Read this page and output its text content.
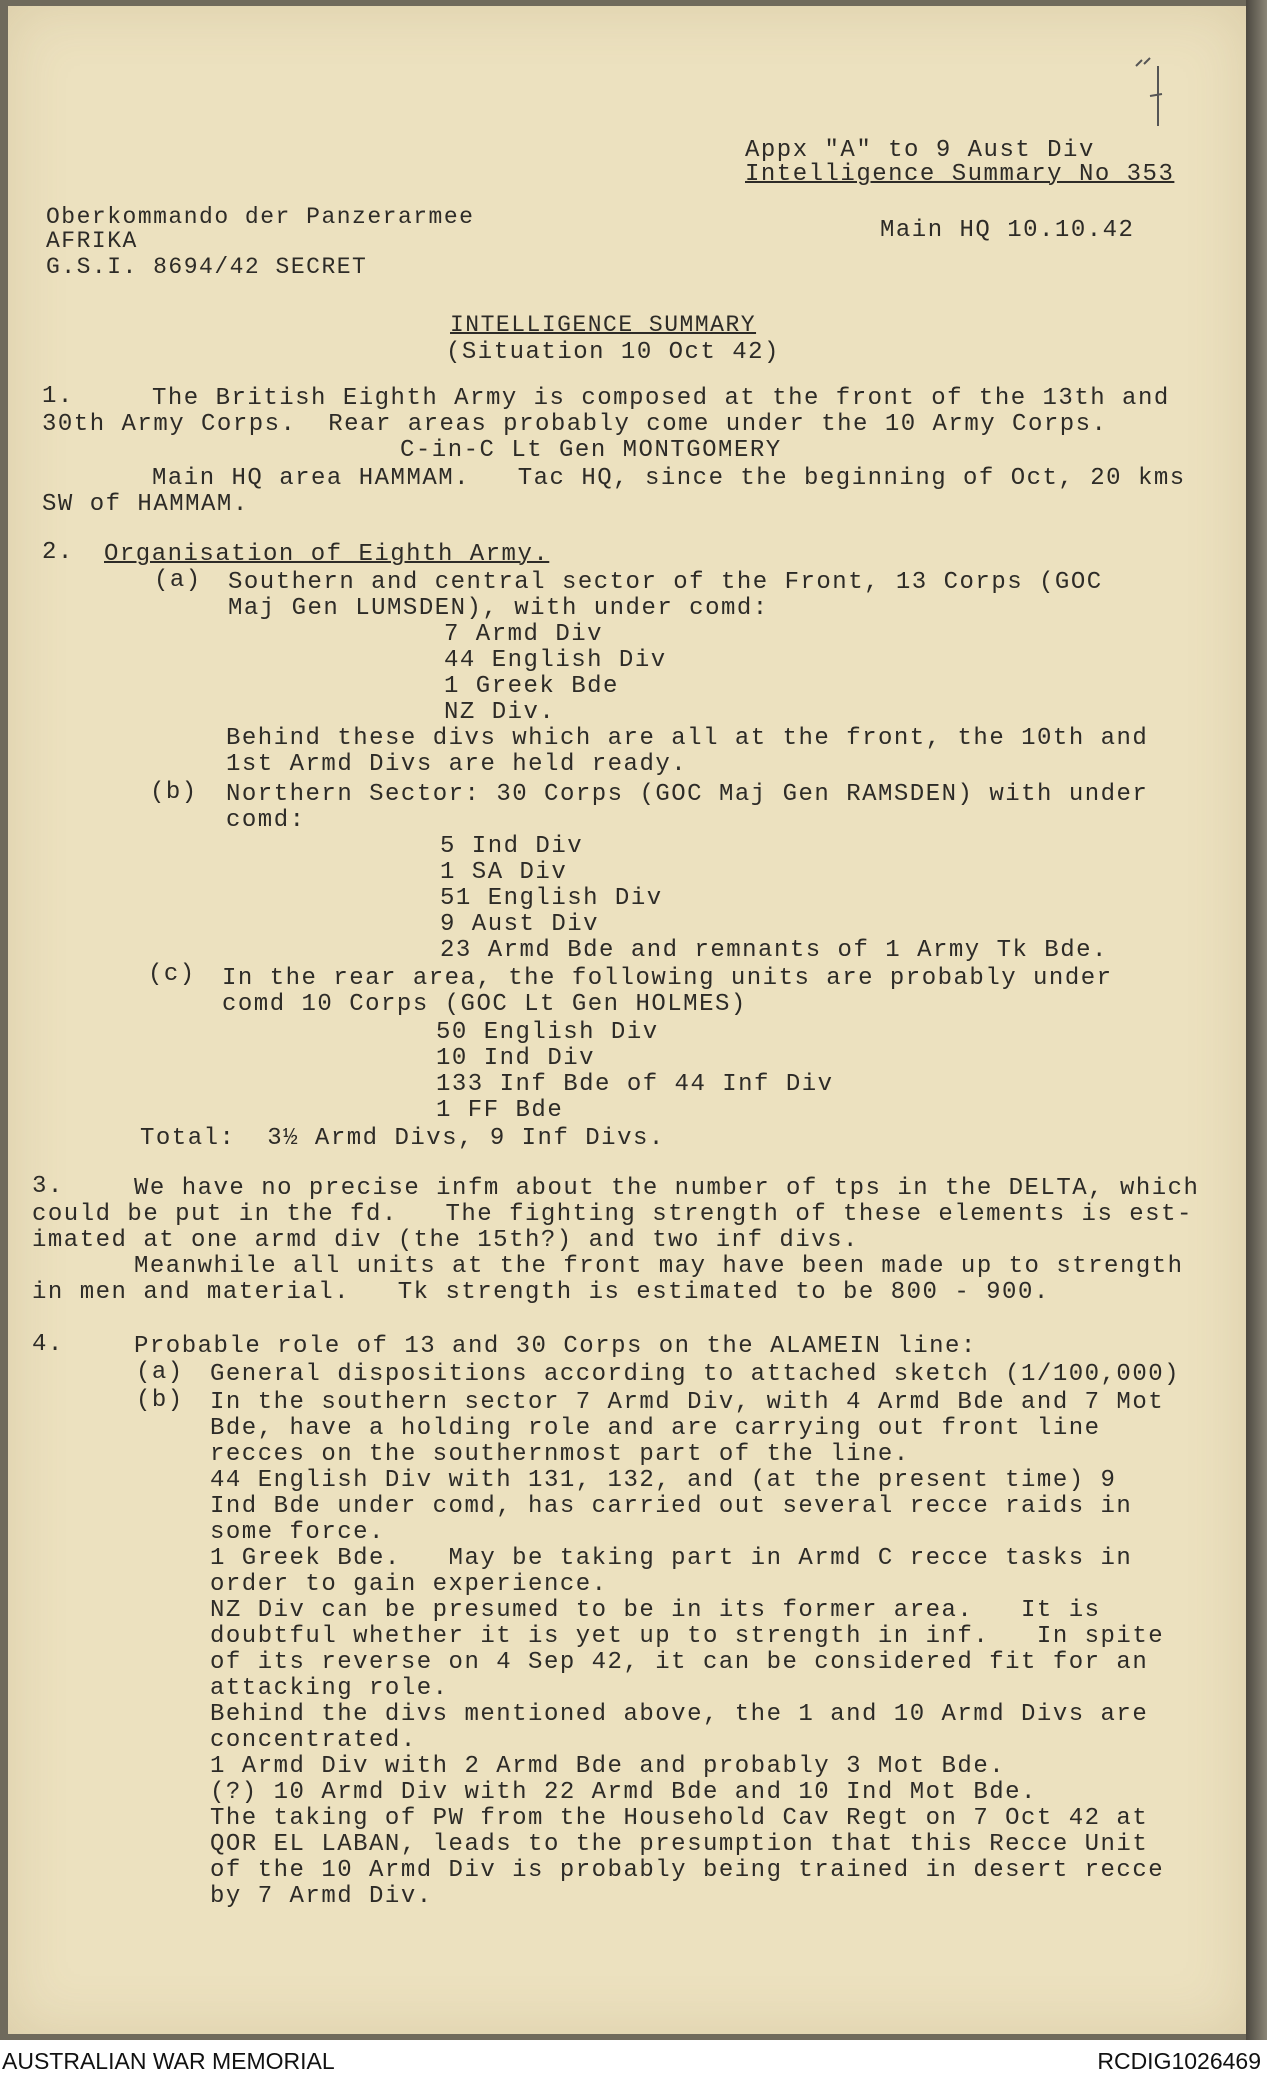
Appx "A" to 9 Aust Div
Intelligence Summary No 353
Oberkommando der Panzerarmee
AFRIKA
G.S.I. 8694/42 SECRET
Main HQ 10.10.42
INTELLIGENCE SUMMARY
(Situation 10 Oct 42)
1.	The British Eighth Army is composed at the front of the 13th and
30th Army Corps.  Rear areas probably come under the 10 Army Corps.
C-in-C Lt Gen MONTGOMERY
Main HQ area HAMMAM.   Tac HQ, since the beginning of Oct, 20 kms
SW of HAMMAM.
2. Organisation of Eighth Army.
(a) Southern and central sector of the Front, 13 Corps (GOC
Maj Gen LUMSDEN), with under comd:
7 Armd Div
44 English Div
1 Greek Bde
NZ Div.
Behind these divs which are all at the front, the 10th and
1st Armd Divs are held ready.
(b) Northern Sector: 30 Corps (GOC Maj Gen RAMSDEN) with under
comd:
5 Ind Div
1 SA Div
51 English Div
9 Aust Div
23 Armd Bde and remnants of 1 Army Tk Bde.
(c) In the rear area, the following units are probably under
comd 10 Corps (GOC Lt Gen HOLMES)
50 English Div
10 Ind Div
133 Inf Bde of 44 Inf Div
1 FF Bde
Total:  3½ Armd Divs, 9 Inf Divs.
3.	We have no precise infm about the number of tps in the DELTA, which
could be put in the fd.   The fighting strength of these elements is est-
imated at one armd div (the 15th?) and two inf divs.
Meanwhile all units at the front may have been made up to strength
in men and material.   Tk strength is estimated to be 800 - 900.
4.	Probable role of 13 and 30 Corps on the ALAMEIN line:
(a) General dispositions according to attached sketch (1/100,000)
(b) In the southern sector 7 Armd Div, with 4 Armd Bde and 7 Mot
Bde, have a holding role and are carrying out front line
recces on the southernmost part of the line.
44 English Div with 131, 132, and (at the present time) 9
Ind Bde under comd, has carried out several recce raids in
some force.
1 Greek Bde.   May be taking part in Armd C recce tasks in
order to gain experience.
NZ Div can be presumed to be in its former area.   It is
doubtful whether it is yet up to strength in inf.   In spite
of its reverse on 4 Sep 42, it can be considered fit for an
attacking role.
Behind the divs mentioned above, the 1 and 10 Armd Divs are
concentrated.
1 Armd Div with 2 Armd Bde and probably 3 Mot Bde.
(?) 10 Armd Div with 22 Armd Bde and 10 Ind Mot Bde.
The taking of PW from the Household Cav Regt on 7 Oct 42 at
QOR EL LABAN, leads to the presumption that this Recce Unit
of the 10 Armd Div is probably being trained in desert recce
by 7 Armd Div.
AUSTRALIAN WAR MEMORIAL	RCDIG1026469
